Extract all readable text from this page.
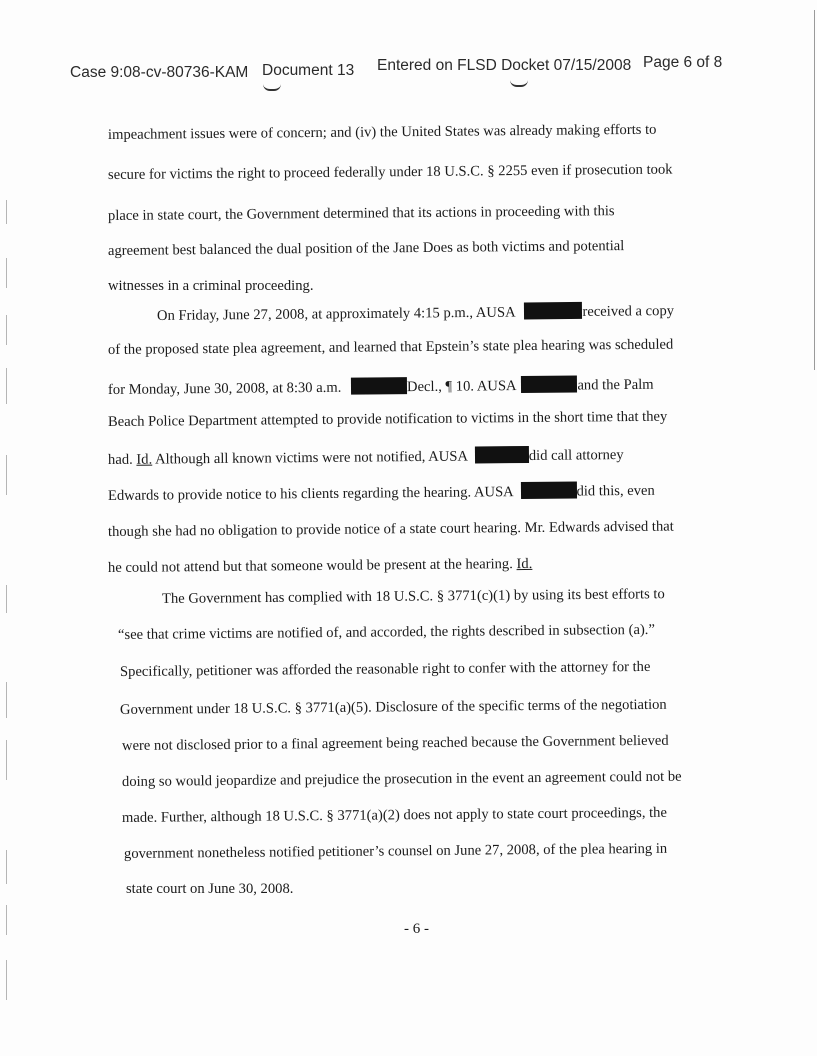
Case 9:08-cv-80736-KAM Document 13 Entered on FLSD Docket 07/15/2008 Page 6 of 8
impeachment issues were of concern; and (iv) the United States was already making efforts to
secure for victims the right to proceed federally under 18 U.S.C. § 2255 even if prosecution took
place in state court, the Government determined that its actions in proceeding with this
agreement best balanced the dual position of the Jane Does as both victims and potential
witnesses in a criminal proceeding.
On Friday, June 27, 2008, at approximately 4:15 p.m., AUSA	received a copy
of the proposed state plea agreement, and learned that Epstein’s state plea hearing was scheduled
for Monday, June 30, 2008, at 8:30 a.m.	Decl., ¶ 10. AUSA	and the Palm
Beach Police Department attempted to provide notification to victims in the short time that they
had. Id. Although all known victims were not notified, AUSA	did call attorney
Edwards to provide notice to his clients regarding the hearing. AUSA	did this, even
though she had no obligation to provide notice of a state court hearing. Mr. Edwards advised that
he could not attend but that someone would be present at the hearing. Id.
The Government has complied with 18 U.S.C. § 3771(c)(1) by using its best efforts to
“see that crime victims are notified of, and accorded, the rights described in subsection (a).”
Specifically, petitioner was afforded the reasonable right to confer with the attorney for the
Government under 18 U.S.C. § 3771(a)(5). Disclosure of the specific terms of the negotiation
were not disclosed prior to a final agreement being reached because the Government believed
doing so would jeopardize and prejudice the prosecution in the event an agreement could not be
made. Further, although 18 U.S.C. § 3771(a)(2) does not apply to state court proceedings, the
government nonetheless notified petitioner’s counsel on June 27, 2008, of the plea hearing in
state court on June 30, 2008.
- 6 -
